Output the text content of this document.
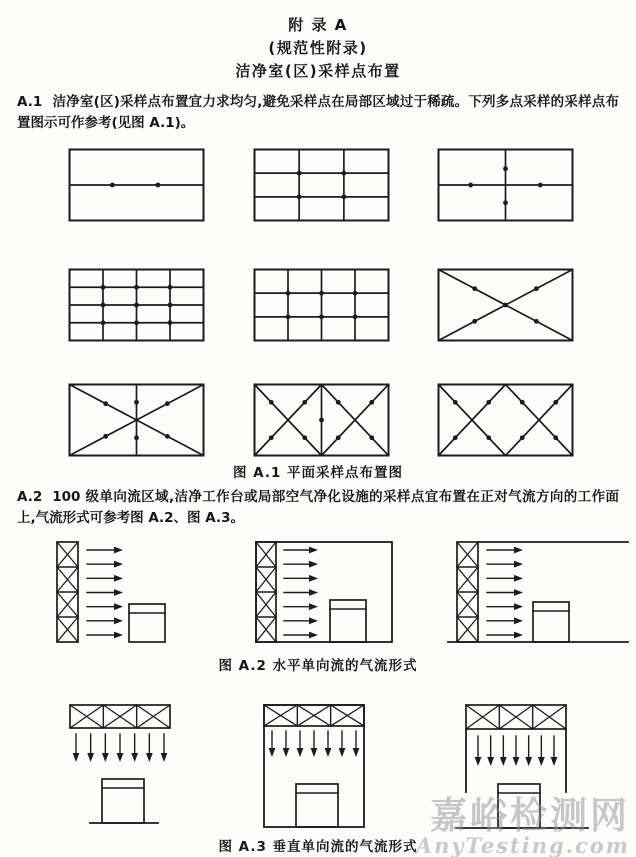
附 录 A
(规范性附录)
洁净室(区)采样点布置

A.1 洁净室(区)采样点布置宜力求均匀,避免采样点在局部区域过于稀疏。下列多点采样的采样点布置图示可作参考(见图 A.1)。

图 A.1 平面采样点布置图

A.2 100 级单向流区域,洁净工作台或局部空气净化设施的采样点宜布置在正对气流方向的工作面上,气流形式可参考图 A.2、图 A.3。

图 A.2 水平单向流的气流形式
图 A.3 垂直单向流的气流形式
嘉峪检测网
AnyTesting.com
